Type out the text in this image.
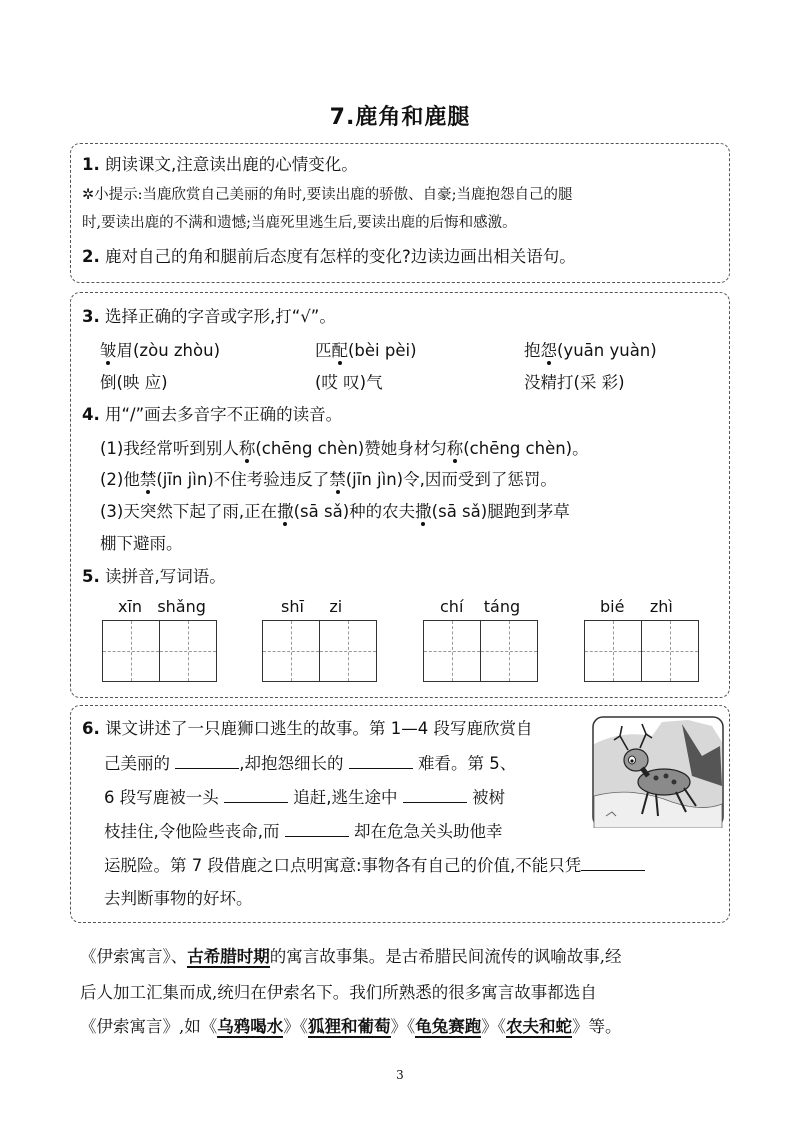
7.鹿角和鹿腿
1. 朗读课文,注意读出鹿的心情变化。
✲小提示:当鹿欣赏自己美丽的角时,要读出鹿的骄傲、自豪;当鹿抱怨自己的腿
时,要读出鹿的不满和遗憾;当鹿死里逃生后,要读出鹿的后悔和感激。
2. 鹿对自己的角和腿前后态度有怎样的变化?边读边画出相关语句。
3. 选择正确的字音或字形,打“√”。
皱眉(zòu zhòu)	匹配(bèi pèi)	抱怨(yuān yuàn)
倒(映 应)	(哎 叹)气	没精打(采 彩)
4. 用“/”画去多音字不正确的读音。
(1)我经常听到别人称(chēng chèn)赞她身材匀称(chēng chèn)。
(2)他禁(jīn jìn)不住考验违反了禁(jīn jìn)令,因而受到了惩罚。
(3)天突然下起了雨,正在撒(sā sǎ)种的农夫撒(sā sǎ)腿跑到茅草
棚下避雨。
5. 读拼音,写词语。
xīn shǎng	shī zi	chí táng	bié zhì
6. 课文讲述了一只鹿狮口逃生的故事。第 1—4 段写鹿欣赏自
己美丽的	,却抱怨细长的	难看。第 5、
6 段写鹿被一头	追赶,逃生途中	被树
枝挂住,令他险些丧命,而	却在危急关头助他幸
运脱险。第 7 段借鹿之口点明寓意:事物各有自己的价值,不能只凭
去判断事物的好坏。
《伊索寓言》、古希腊时期的寓言故事集。是古希腊民间流传的讽喻故事,经
后人加工汇集而成,统归在伊索名下。我们所熟悉的很多寓言故事都选自
《伊索寓言》,如《乌鸦喝水》《狐狸和葡萄》《龟兔赛跑》《农夫和蛇》等。
3
